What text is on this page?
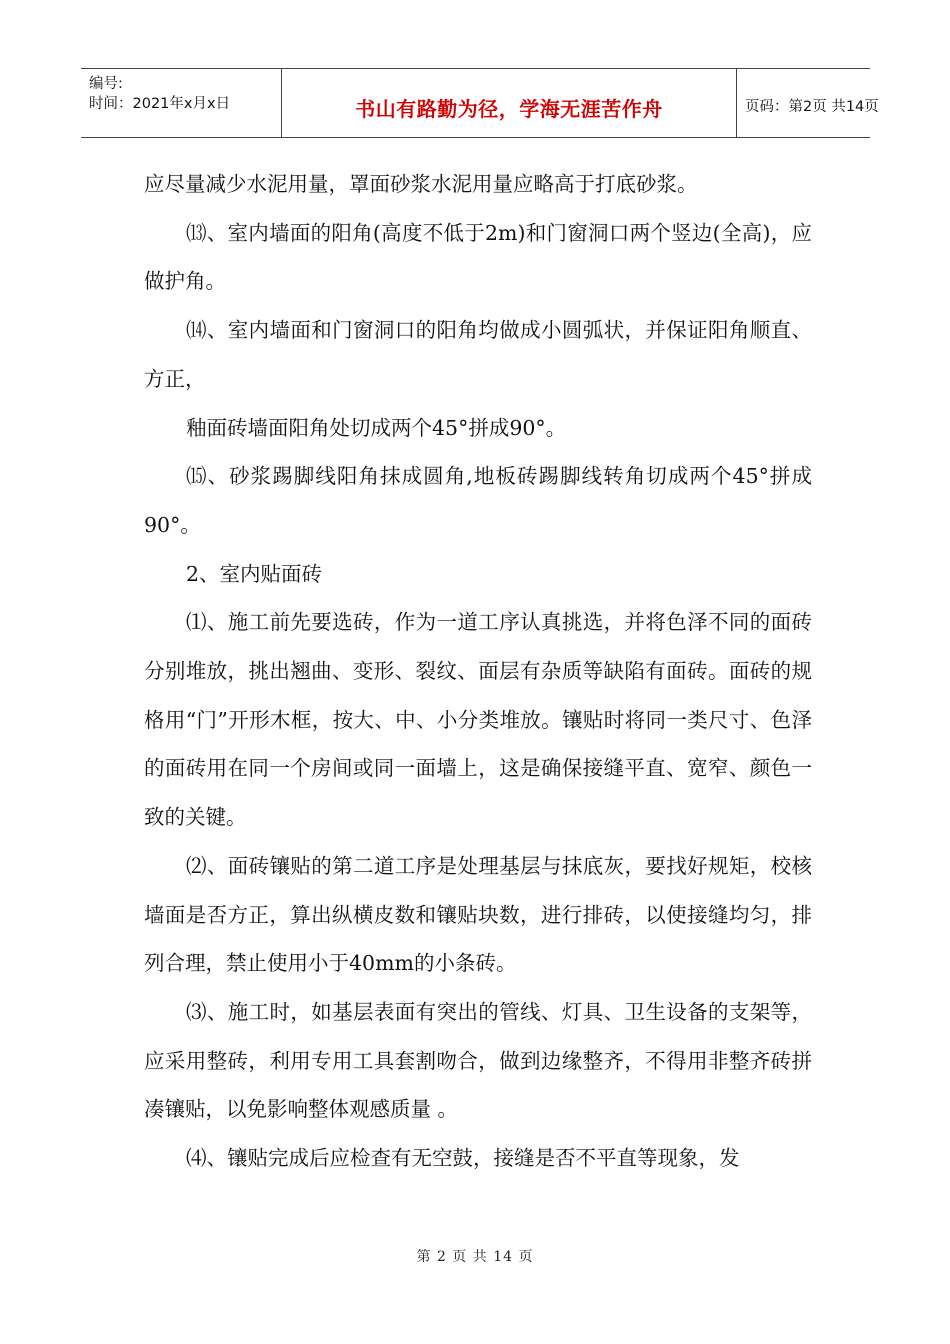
编号:
时间：2021年x月x日	书山有路勤为径，学海无涯苦作舟	页码：第2页 共14页

应尽量减少水泥用量，罩面砂浆水泥用量应略高于打底砂浆。

⒀、室内墙面的阳角(高度不低于2m)和门窗洞口两个竖边(全高)，应做护角。

⒁、室内墙面和门窗洞口的阳角均做成小圆弧状，并保证阳角顺直、方正，

釉面砖墙面阳角处切成两个45°拼成90°。

⒂、砂浆踢脚线阳角抹成圆角,地板砖踢脚线转角切成两个45°拼成90°。

2、室内贴面砖

⑴、施工前先要选砖，作为一道工序认真挑选，并将色泽不同的面砖分别堆放，挑出翘曲、变形、裂纹、面层有杂质等缺陷有面砖。面砖的规格用“门”开形木框，按大、中、小分类堆放。镶贴时将同一类尺寸、色泽的面砖用在同一个房间或同一面墙上，这是确保接缝平直、宽窄、颜色一致的关键。

⑵、面砖镶贴的第二道工序是处理基层与抹底灰，要找好规矩，校核墙面是否方正，算出纵横皮数和镶贴块数，进行排砖，以使接缝均匀，排列合理，禁止使用小于40mm的小条砖。

⑶、施工时，如基层表面有突出的管线、灯具、卫生设备的支架等，应采用整砖，利用专用工具套割吻合，做到边缘整齐，不得用非整齐砖拼凑镶贴，以免影响整体观感质量 。

⑷、镶贴完成后应检查有无空鼓，接缝是否不平直等现象，发

第 2 页 共 14 页
